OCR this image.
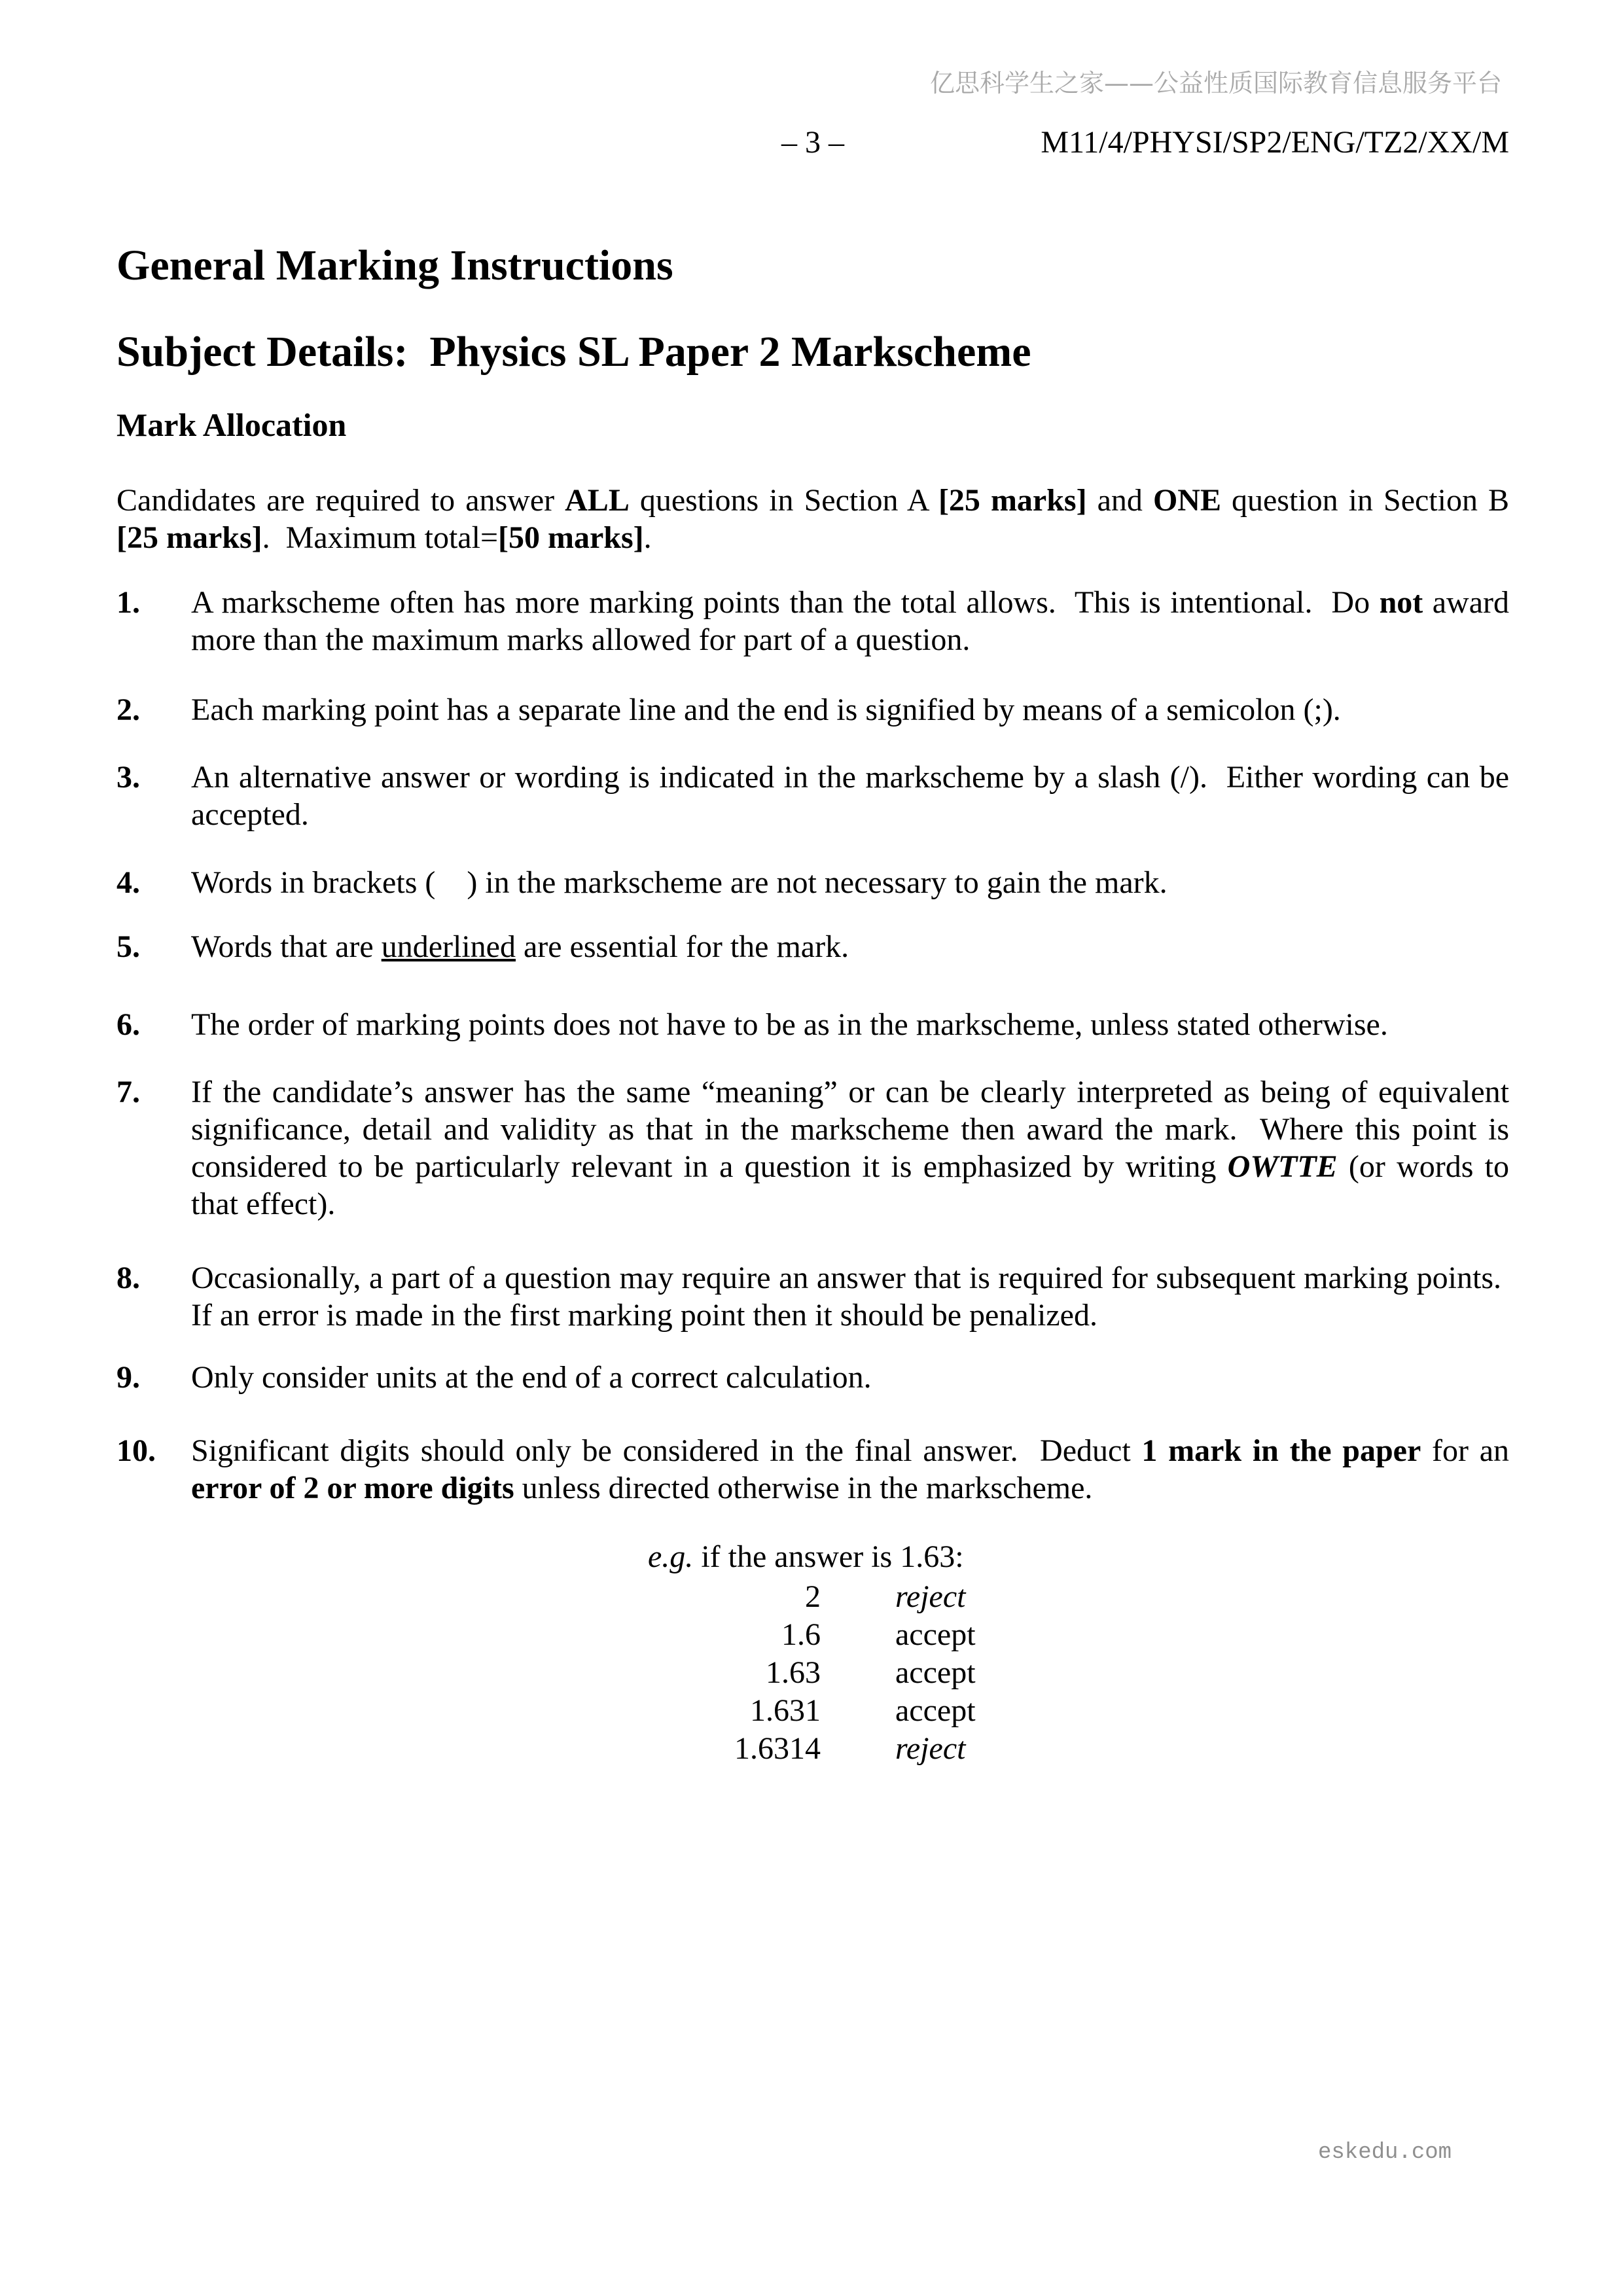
亿思科学生之家——公益性质国际教育信息服务平台
– 3 –	M11/4/PHYSI/SP2/ENG/TZ2/XX/M
General Marking Instructions
Subject Details:  Physics SL Paper 2 Markscheme
Mark Allocation

Candidates are required to answer ALL questions in Section A [25 marks] and ONE question in Section B [25 marks].  Maximum total=[50 marks].

1. A markscheme often has more marking points than the total allows.  This is intentional.  Do not award more than the maximum marks allowed for part of a question.
2. Each marking point has a separate line and the end is signified by means of a semicolon (;).
3. An alternative answer or wording is indicated in the markscheme by a slash (/).  Either wording can be accepted.
4. Words in brackets (    ) in the markscheme are not necessary to gain the mark.
5. Words that are underlined are essential for the mark.
6. The order of marking points does not have to be as in the markscheme, unless stated otherwise.
7. If the candidate’s answer has the same “meaning” or can be clearly interpreted as being of equivalent significance, detail and validity as that in the markscheme then award the mark.  Where this point is considered to be particularly relevant in a question it is emphasized by writing OWTTE (or words to that effect).
8. Occasionally, a part of a question may require an answer that is required for subsequent marking points.  If an error is made in the first marking point then it should be penalized.
9. Only consider units at the end of a correct calculation.
10. Significant digits should only be considered in the final answer.  Deduct 1 mark in the paper for an error of 2 or more digits unless directed otherwise in the markscheme.
e.g. if the answer is 1.63:
2 reject
1.6 accept
1.63 accept
1.631 accept
1.6314 reject
eskedu.com
